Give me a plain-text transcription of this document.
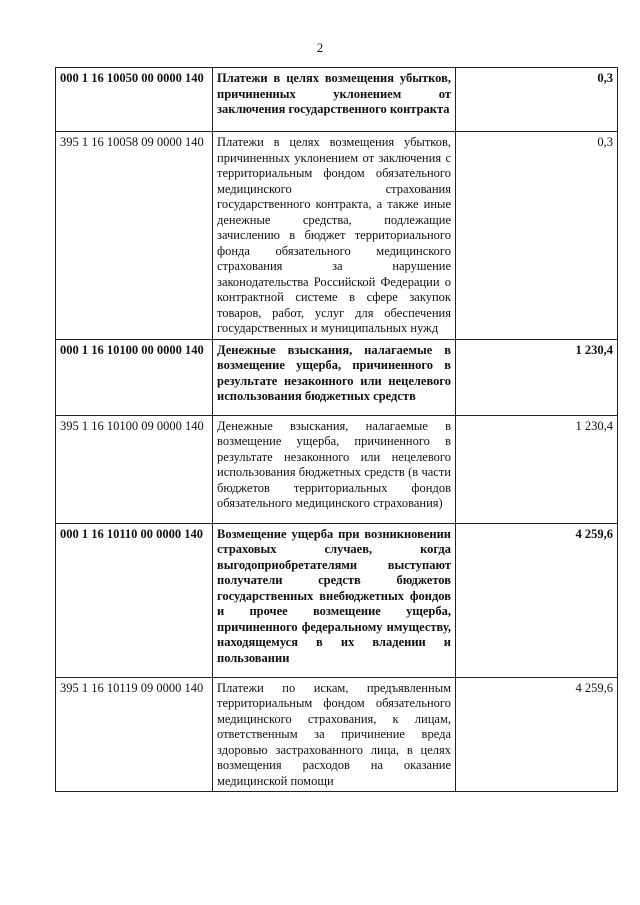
2
000 1 16 10050 00 0000 140	Платежи в целях возмещения убытков, причиненных уклонением от заключения государственного контракта	0,3
395 1 16 10058 09 0000 140	Платежи в целях возмещения убытков, причиненных уклонением от заключения с территориальным фондом обязательного медицинского страхования государственного контракта, а также иные денежные средства, подлежащие зачислению в бюджет территориального фонда обязательного медицинского страхования за нарушение законодательства Российской Федерации о контрактной системе в сфере закупок товаров, работ, услуг для обеспечения государственных и муниципальных нужд	0,3
000 1 16 10100 00 0000 140	Денежные взыскания, налагаемые в возмещение ущерба, причиненного в результате незаконного или нецелевого использования бюджетных средств	1 230,4
395 1 16 10100 09 0000 140	Денежные взыскания, налагаемые в возмещение ущерба, причиненного в результате незаконного или нецелевого использования бюджетных средств (в части бюджетов территориальных фондов обязательного медицинского страхования)	1 230,4
000 1 16 10110 00 0000 140	Возмещение ущерба при возникновении страховых случаев, когда выгодоприобретателями выступают получатели средств бюджетов государственных внебюджетных фондов и прочее возмещение ущерба, причиненного федеральному имуществу, находящемуся в их владении и пользовании	4 259,6
395 1 16 10119 09 0000 140	Платежи по искам, предъявленным территориальным фондом обязательного медицинского страхования, к лицам, ответственным за причинение вреда здоровью застрахованного лица, в целях возмещения расходов на оказание медицинской помощи	4 259,6
